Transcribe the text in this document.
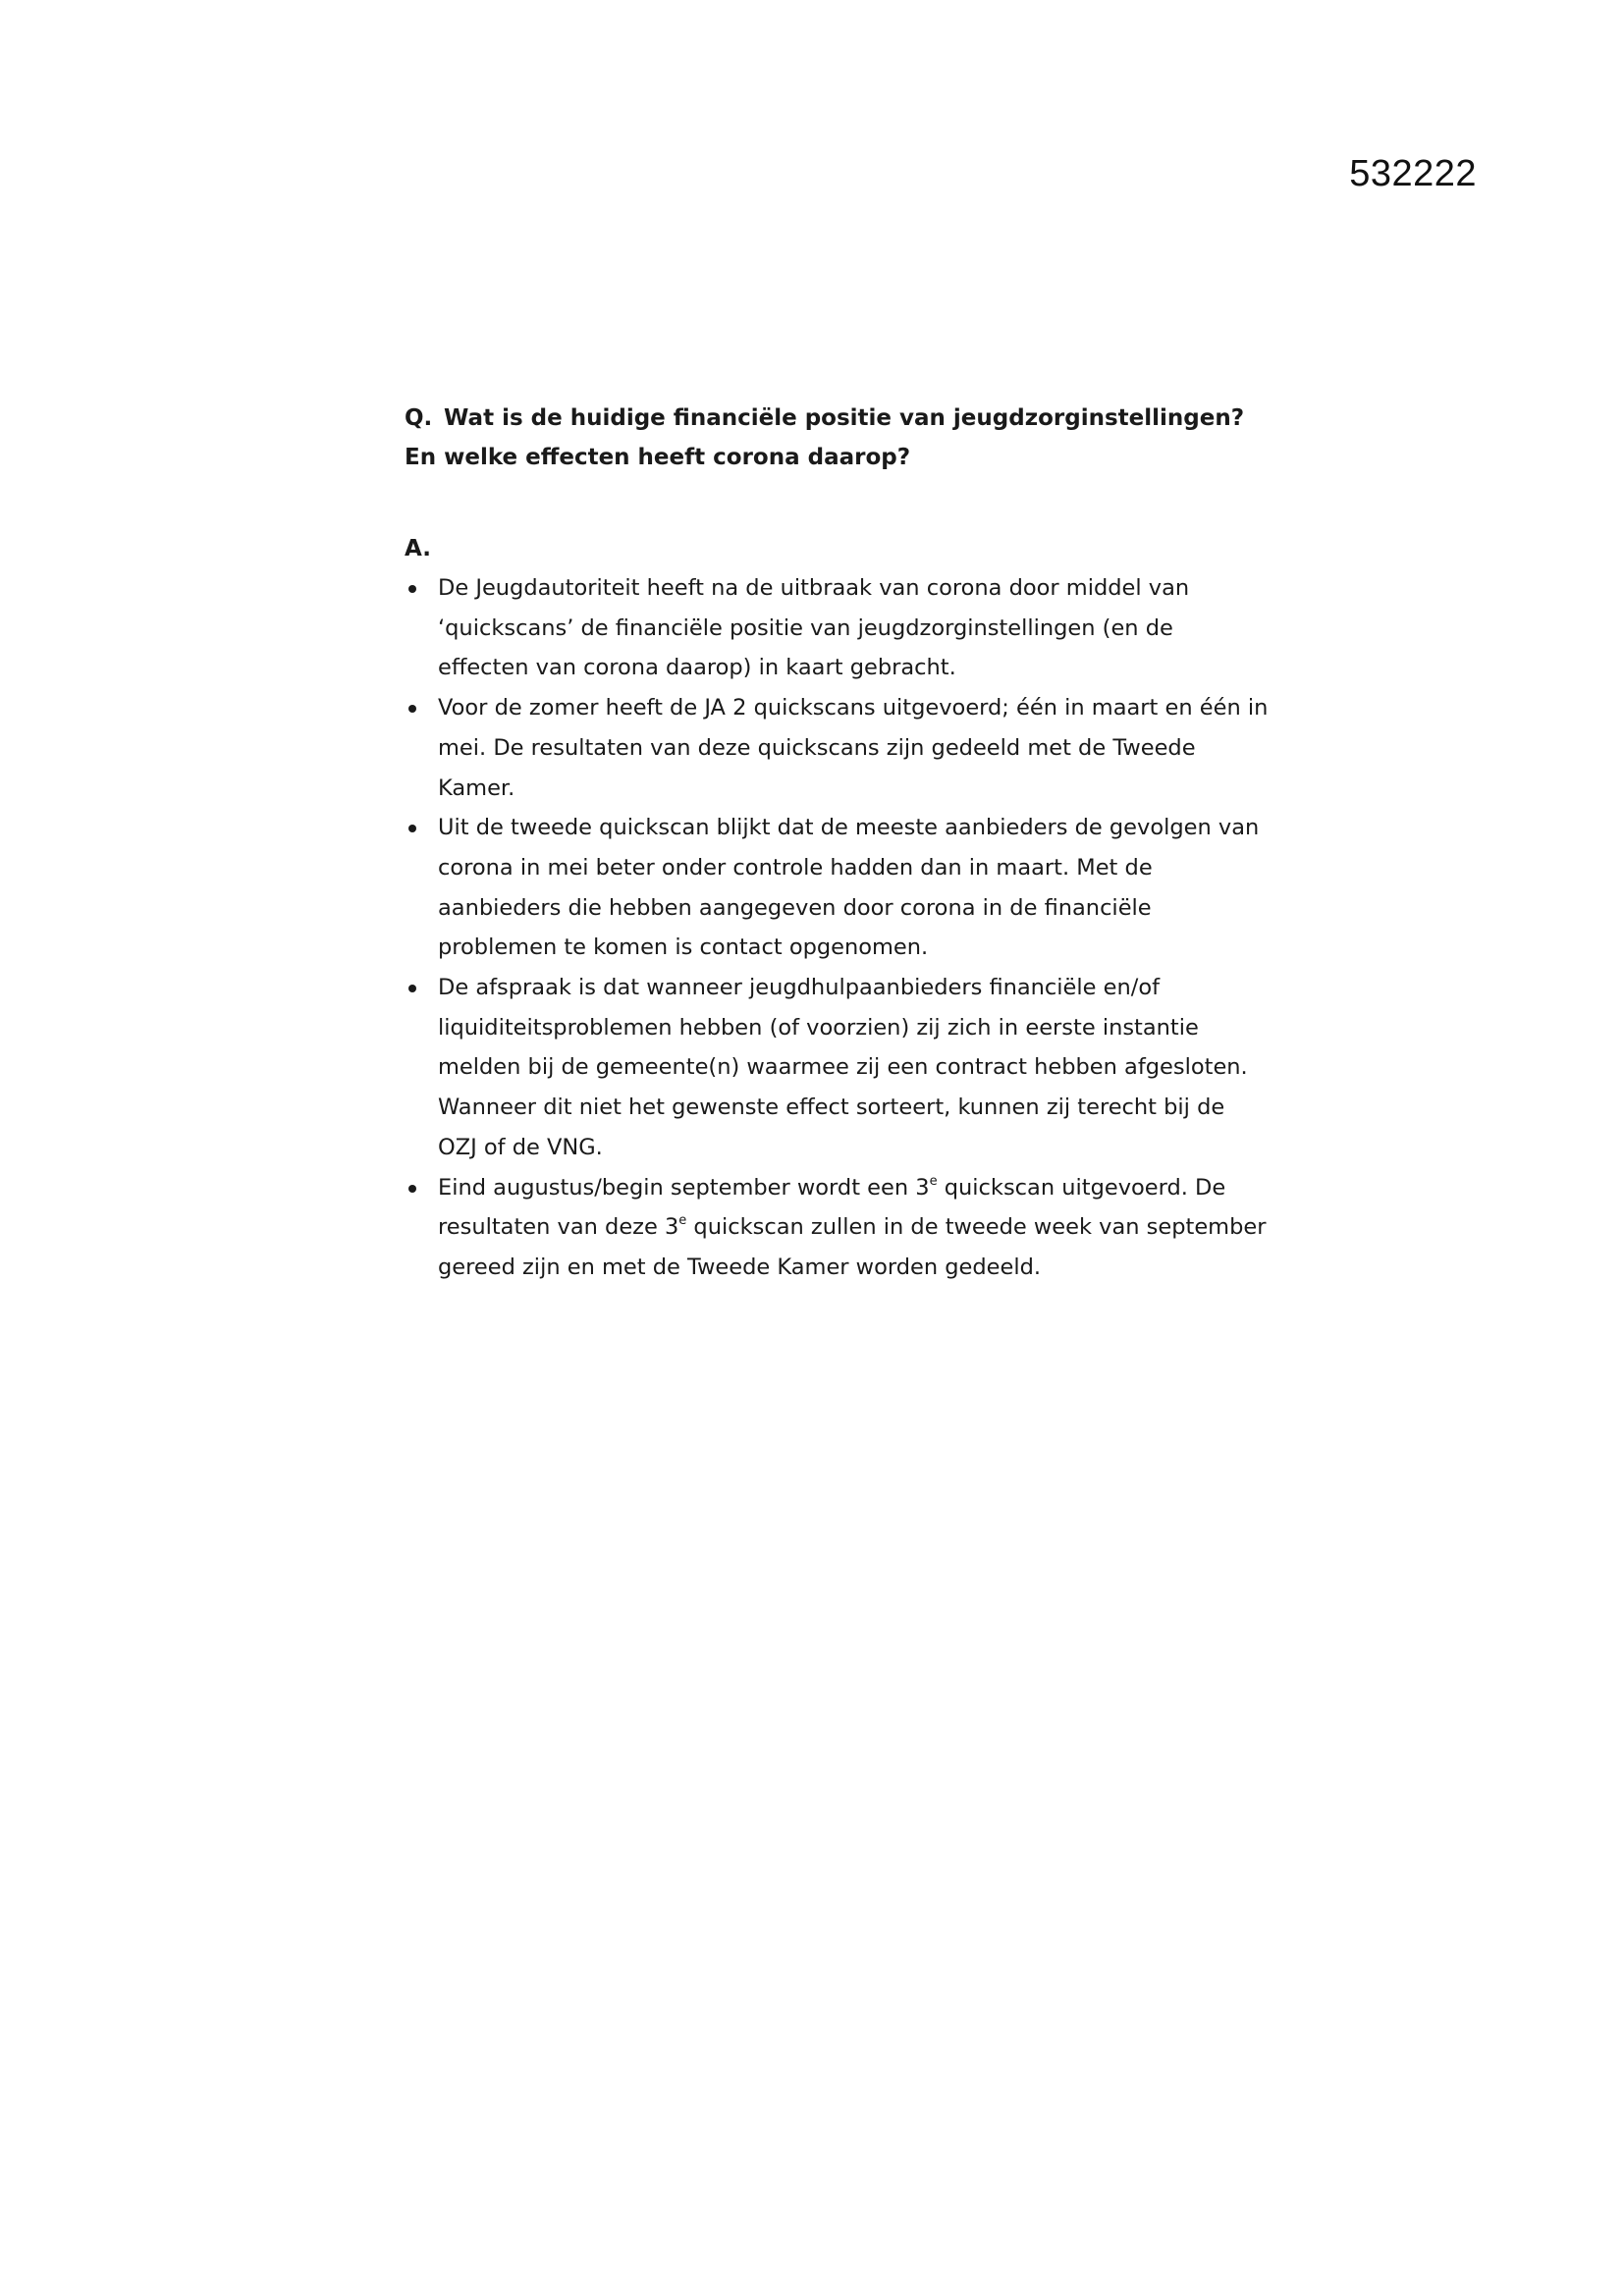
532222

Q. Wat is de huidige financiële positie van jeugdzorginstellingen?
En welke effecten heeft corona daarop?

A.

De Jeugdautoriteit heeft na de uitbraak van corona door middel van ‘quickscans’ de financiële positie van jeugdzorginstellingen (en de effecten van corona daarop) in kaart gebracht.
Voor de zomer heeft de JA 2 quickscans uitgevoerd; één in maart en één in mei. De resultaten van deze quickscans zijn gedeeld met de Tweede Kamer.
Uit de tweede quickscan blijkt dat de meeste aanbieders de gevolgen van corona in mei beter onder controle hadden dan in maart. Met de aanbieders die hebben aangegeven door corona in de financiële problemen te komen is contact opgenomen.
De afspraak is dat wanneer jeugdhulpaanbieders financiële en/of liquiditeitsproblemen hebben (of voorzien) zij zich in eerste instantie melden bij de gemeente(n) waarmee zij een contract hebben afgesloten. Wanneer dit niet het gewenste effect sorteert, kunnen zij terecht bij de OZJ of de VNG.
Eind augustus/begin september wordt een 3e quickscan uitgevoerd. De resultaten van deze 3e quickscan zullen in de tweede week van september gereed zijn en met de Tweede Kamer worden gedeeld.
